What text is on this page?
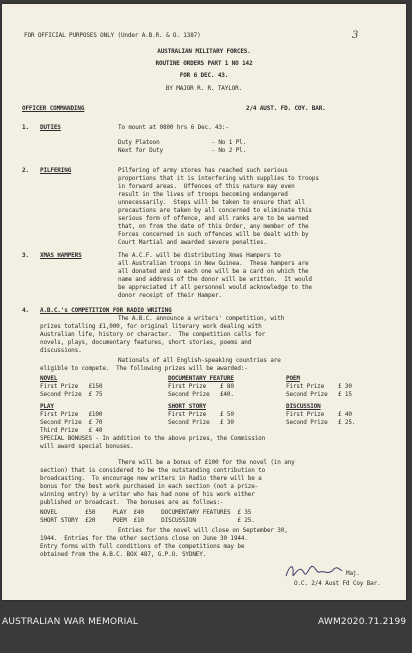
3
FOR OFFICIAL PURPOSES ONLY (Under A.B.R. & O. 1387)
AUSTRALIAN MILITARY FORCES.
ROUTINE ORDERS PART 1 NO 142
FOR 6 DEC. 43.
BY MAJOR R. R. TAYLOR.
OFFICER COMMANDING	2/4 AUST. FD. COY. BAR.
1. DUTIES	To mount at 0800 hrs 6 Dec. 43:-
Duty Platoon               - No 1 Pl.
Next for Duty              - No 2 Pl.
2. PILFERING	Pilfering of army stores has reached such serious
proportions that it is interfering with supplies to troops
in forward areas.  Offences of this nature may even
result in the lives of troops becoming endangered
unnecessarily.  Steps will be taken to ensure that all
precautions are taken by all concerned to eliminate this
serious form of offence, and all ranks are to be warned
that, on from the date of this Order, any member of the
Forces concerned in such offences will be dealt with by
Court Martial and awarded severe penalties.
3. XMAS HAMPERS	The A.C.F. will be distributing Xmas Hampers to
all Australian troops in New Guinea.  These hampers are
all donated and in each one will be a card on which the
name and address of the donor will be written.  It would
be appreciated if all personnel would acknowledge to the
donor receipt of their Hamper.
4. A.B.C.'s COMPETITION FOR RADIO WRITING
The A.B.C. announce a writers' competition, with
prizes totalling £1,000, for original literary work dealing with
Australian life, history or character.  The competition calls for
novels, plays, documentary features, short stories, poems and
discussions.
Nationals of all English-speaking countries are
eligible to compete.  The following prizes will be awarded:-
NOVEL
First Prize   £150
Second Prize  £ 75
DOCUMENTARY FEATURE
First Prize    £ 80
Second Prize   £40.
POEM
First Prize    £ 30
Second Prize   £ 15
PLAY
First Prize   £100
Second Prize  £ 70
Third Prize   £ 40
SHORT STORY
First Prize    £ 50
Second Prize   £ 30
DISCUSSION
First Prize    £ 40
Second Prize   £ 25.
SPECIAL BONUSES - In addition to the above prizes, the Commission
will award special bonuses.
There will be a bonus of £100 for the novel (in any
section) that is considered to be the outstanding contribution to
broadcasting.  To encourage new writers in Radio there will be a
bonus for the best work purchased in each section (not a prize-
winning entry) by a writer who has had none of his work either
published or broadcast.  The bonuses are as follows:-
NOVEL        £50     PLAY  £40     DOCUMENTARY FEATURES  £ 35
SHORT STORY  £20     POEM  £10     DISCUSSION            £ 25.
Entries for the novel will close on September 30,
1944.  Entries for the other sections close on June 30 1944.
Entry forms with full conditions of the competitions may be
obtained from the A.B.C. BOX 487, G.P.O. SYDNEY.
Maj.
O.C. 2/4 Aust Fd Coy Bar.
AUSTRALIAN WAR MEMORIAL	AWM2020.71.2199
